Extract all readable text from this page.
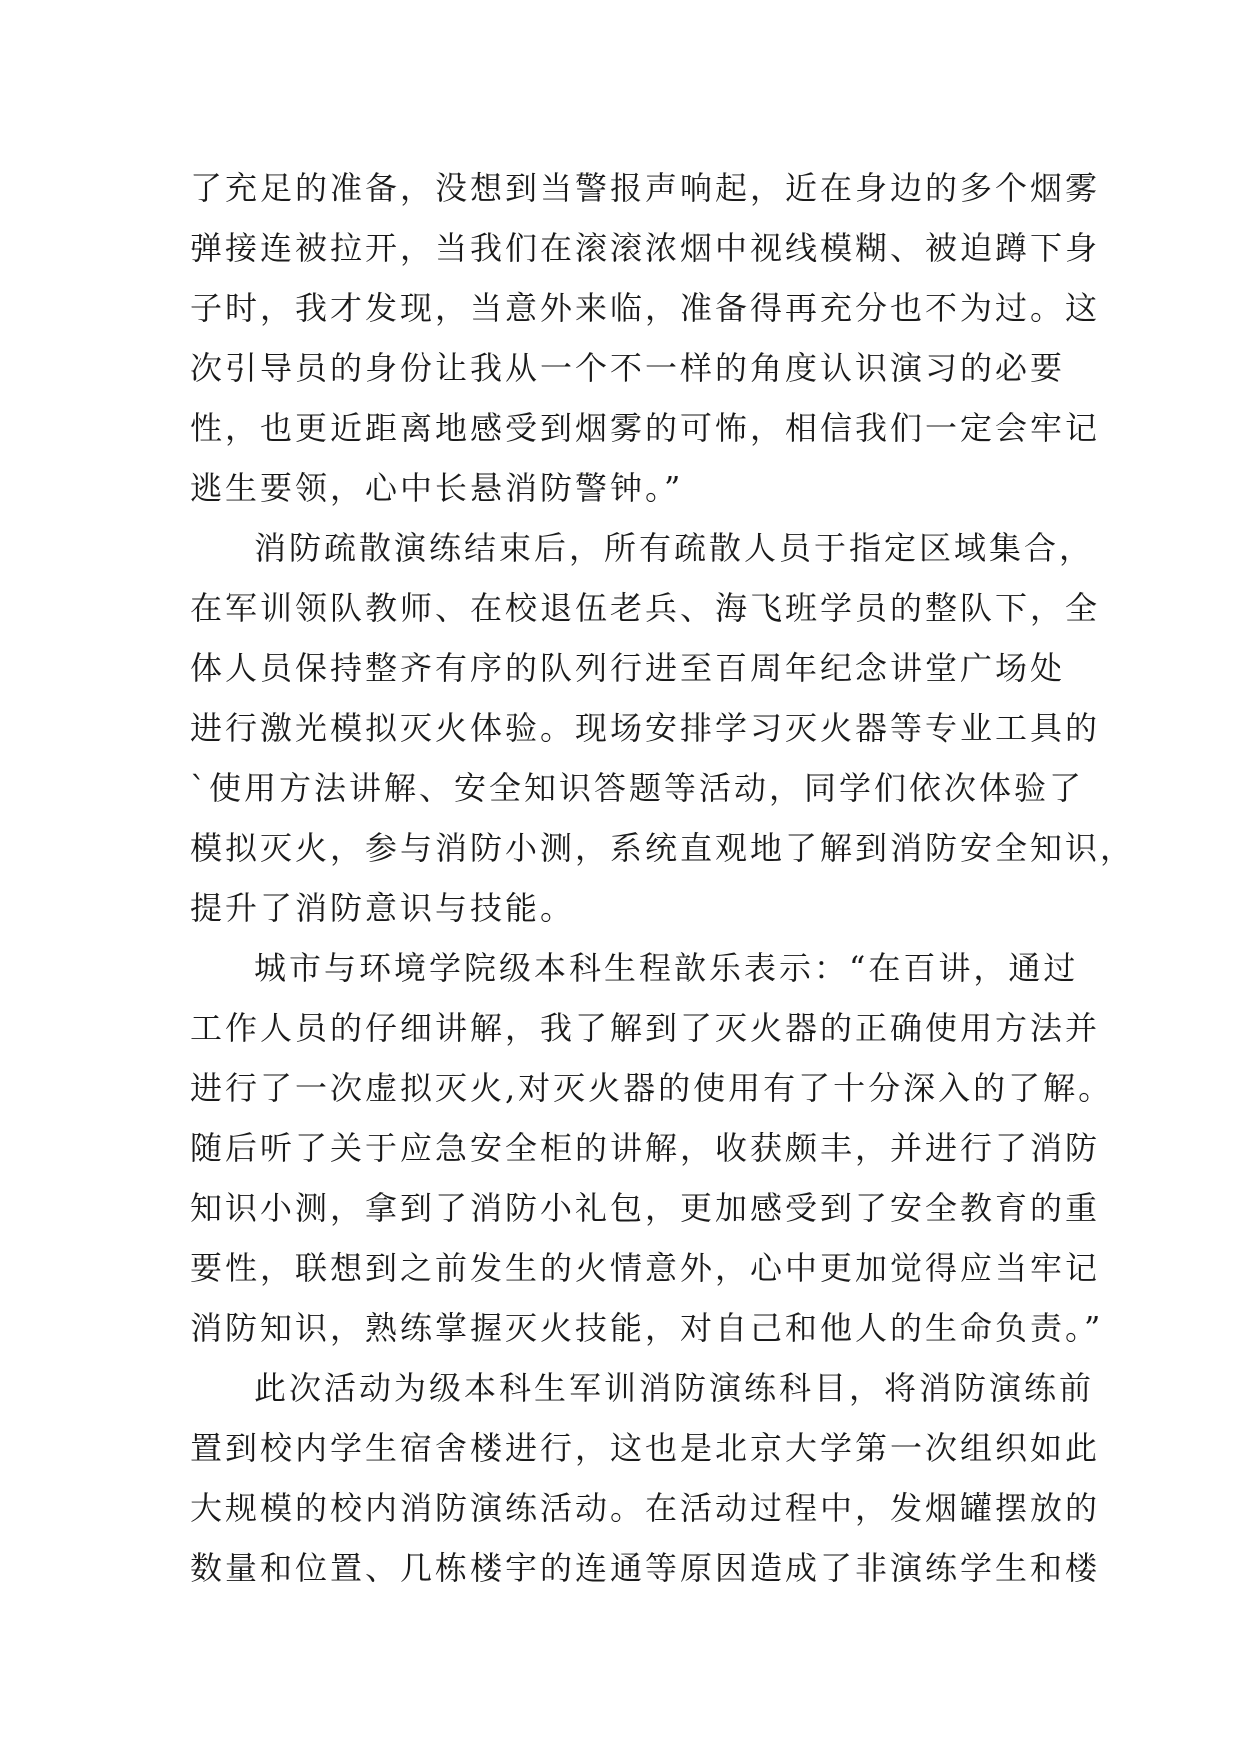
了充足的准备，没想到当警报声响起，近在身边的多个烟雾
弹接连被拉开，当我们在滚滚浓烟中视线模糊、被迫蹲下身
子时，我才发现，当意外来临，准备得再充分也不为过。这
次引导员的身份让我从一个不一样的角度认识演习的必要
性，也更近距离地感受到烟雾的可怖，相信我们一定会牢记
逃生要领，心中长悬消防警钟。”
消防疏散演练结束后，所有疏散人员于指定区域集合，
在军训领队教师、在校退伍老兵、海飞班学员的整队下，全
体人员保持整齐有序的队列行进至百周年纪念讲堂广场处
进行激光模拟灭火体验。现场安排学习灭火器等专业工具的
`使用方法讲解、安全知识答题等活动，同学们依次体验了
模拟灭火，参与消防小测，系统直观地了解到消防安全知识，
提升了消防意识与技能。
城市与环境学院级本科生程歆乐表示：“在百讲，通过
工作人员的仔细讲解，我了解到了灭火器的正确使用方法并
进行了一次虚拟灭火,对灭火器的使用有了十分深入的了解。
随后听了关于应急安全柜的讲解，收获颇丰，并进行了消防
知识小测，拿到了消防小礼包，更加感受到了安全教育的重
要性，联想到之前发生的火情意外，心中更加觉得应当牢记
消防知识，熟练掌握灭火技能，对自己和他人的生命负责。”
此次活动为级本科生军训消防演练科目，将消防演练前
置到校内学生宿舍楼进行，这也是北京大学第一次组织如此
大规模的校内消防演练活动。在活动过程中，发烟罐摆放的
数量和位置、几栋楼宇的连通等原因造成了非演练学生和楼
